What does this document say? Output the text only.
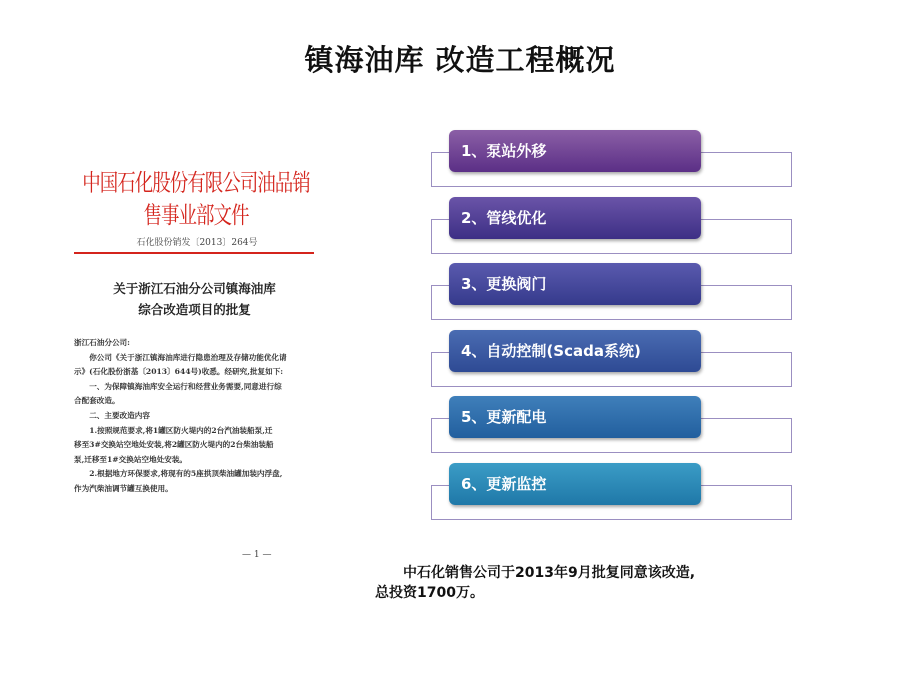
镇海油库 改造工程概况
中国石化股份有限公司油品销售事业部文件
石化股份销发〔2013〕264号
关于浙江石油分公司镇海油库
综合改造项目的批复

浙江石油分公司:

你公司《关于浙江镇海油库进行隐患治理及存储功能优化请

示》(石化股份浙基〔2013〕644号)收悉。经研究,批复如下:

一、为保障镇海油库安全运行和经营业务需要,同意进行综

合配套改造。

二、主要改造内容

1.按照规范要求,将1罐区防火堤内的2台汽油装船泵,迁

移至3#交换站空地处安装,将2罐区防火堤内的2台柴油装船

泵,迁移至1#交换站空地处安装。

2.根据地方环保要求,将现有的5座拱顶柴油罐加装内浮盘,

作为汽柴油调节罐互换使用。

— 1 —
1、泵站外移
2、管线优化
3、更换阀门
4、自动控制(Scada系统)
5、更新配电
6、更新监控

　　中石化销售公司于2013年9月批复同意该改造,

总投资1700万。
